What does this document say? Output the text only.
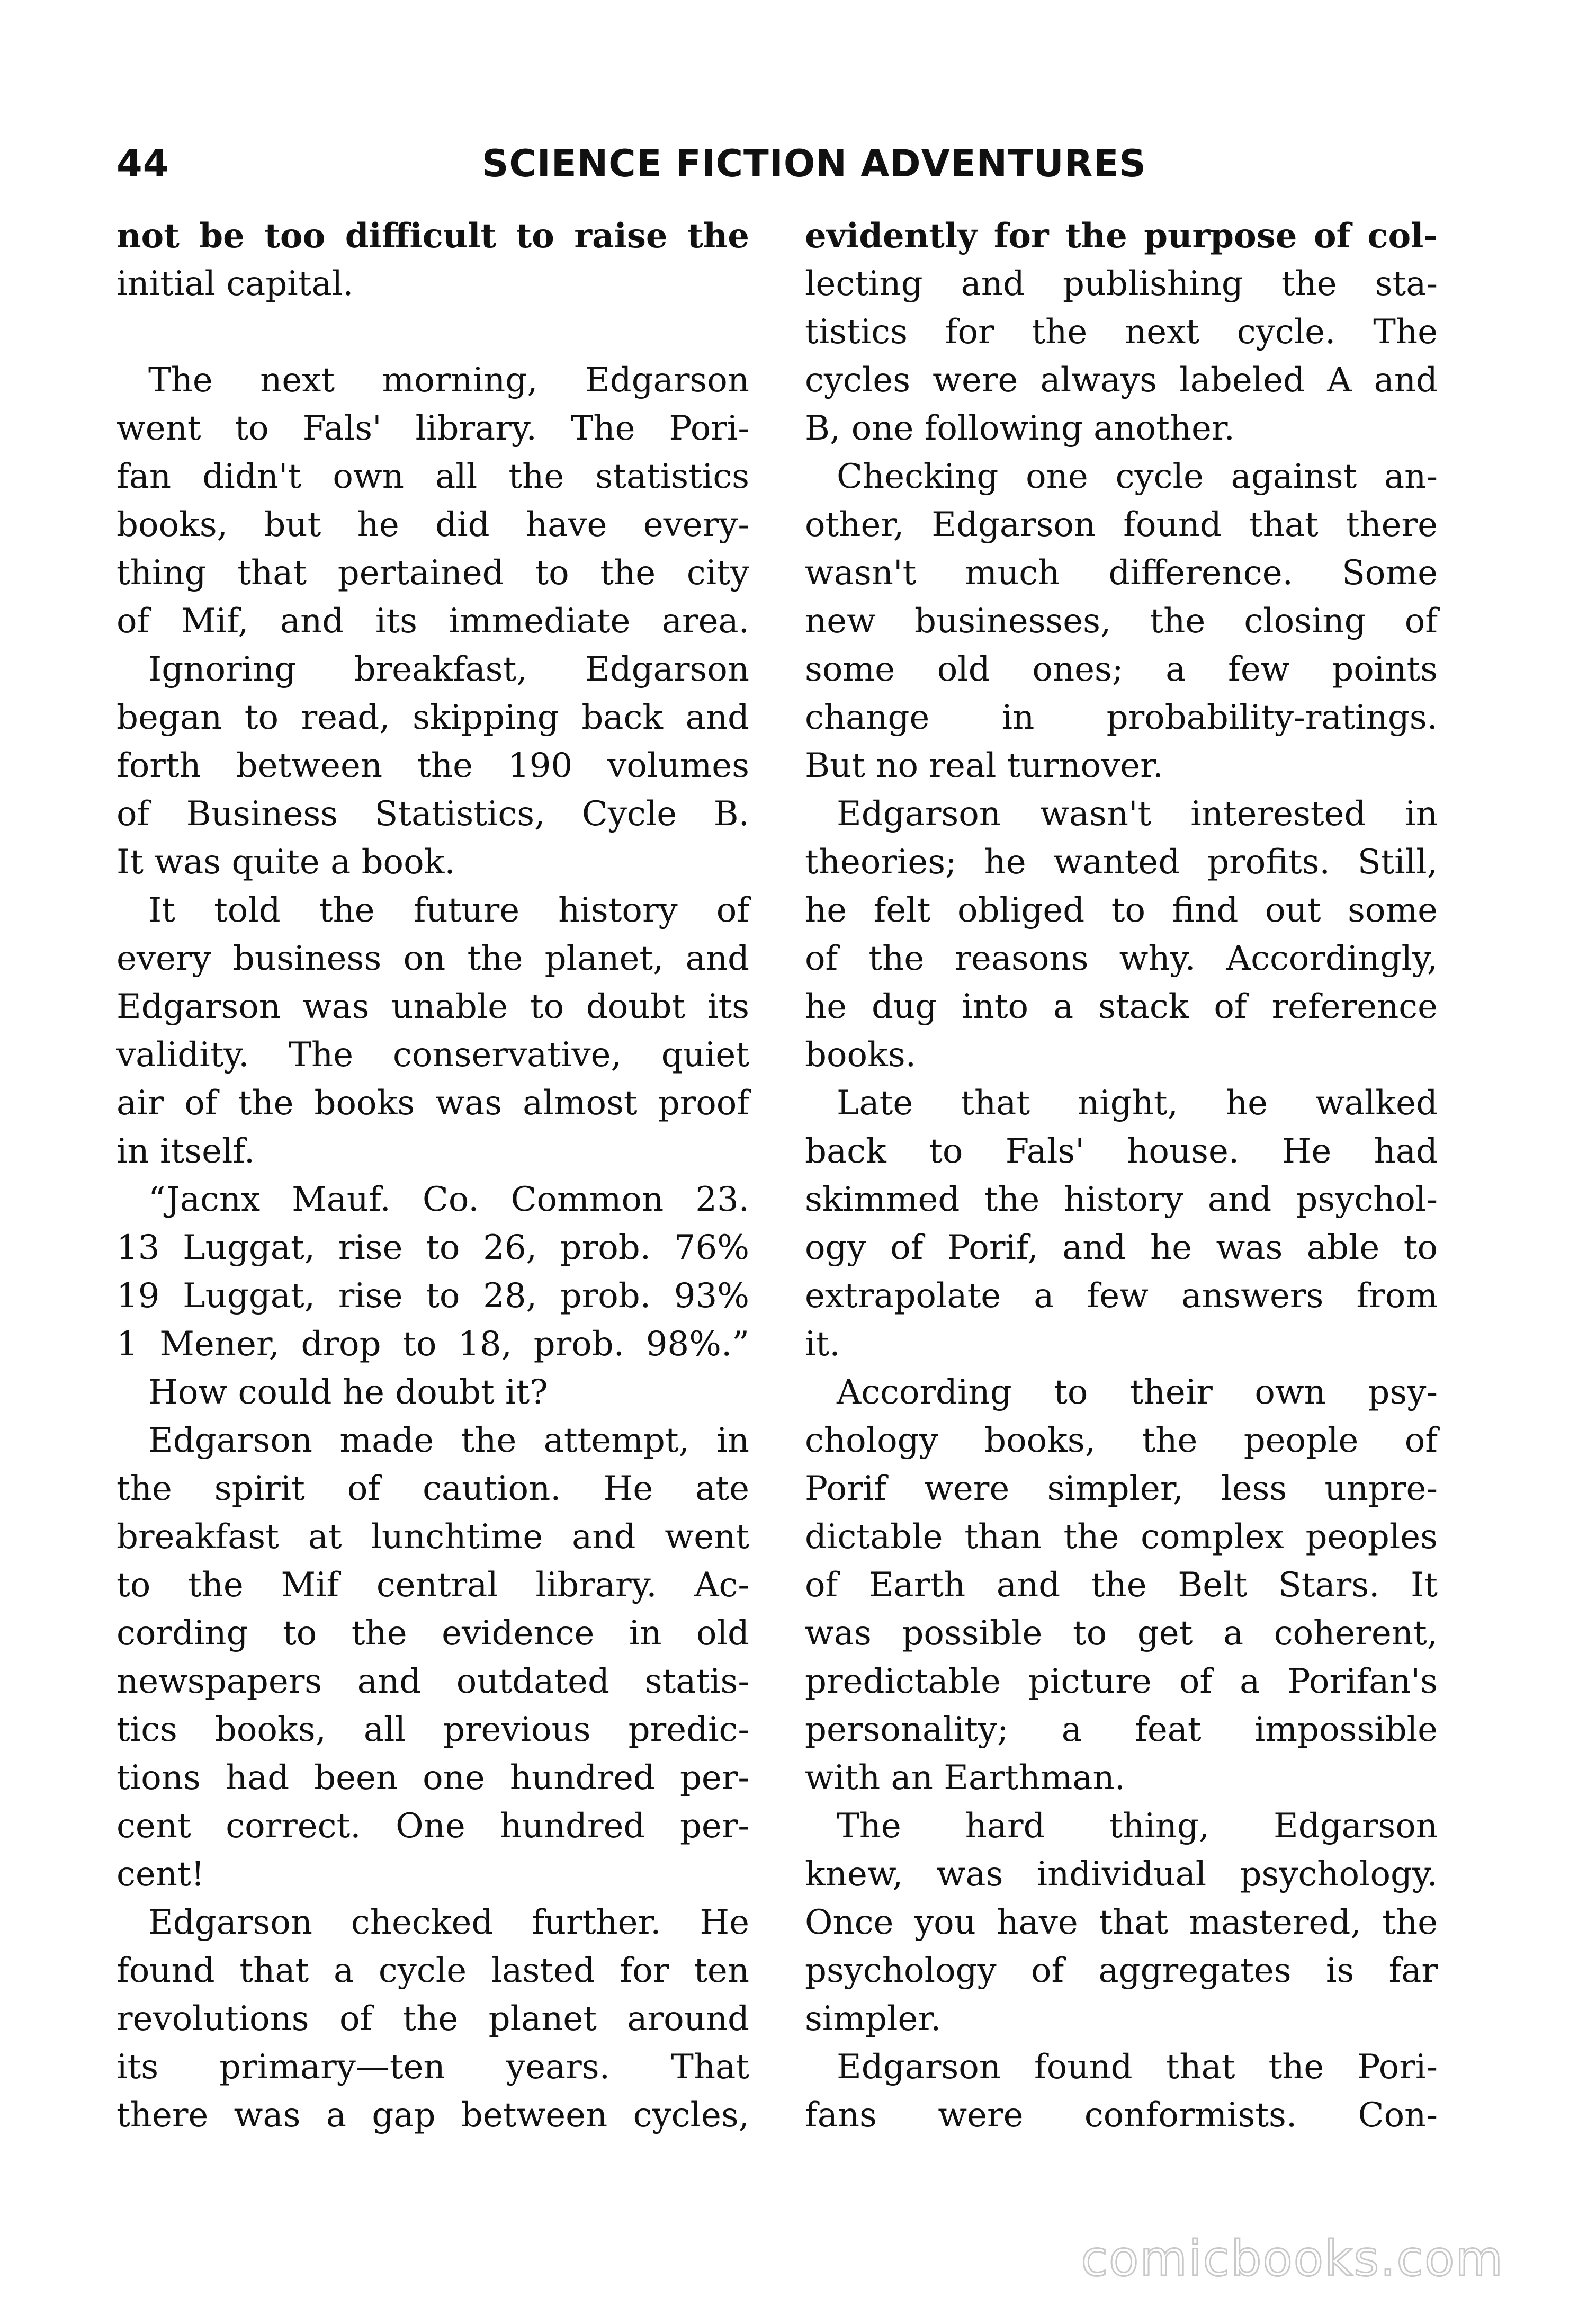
44	SCIENCE FICTION ADVENTURES
not be too difficult to raise the
initial capital.
The next morning, Edgarson
went to Fals' library. The Pori-
fan didn't own all the statistics
books, but he did have every-
thing that pertained to the city
of Mif, and its immediate area.
Ignoring breakfast, Edgarson
began to read, skipping back and
forth between the 190 volumes
of Business Statistics, Cycle B.
It was quite a book.
It told the future history of
every business on the planet, and
Edgarson was unable to doubt its
validity. The conservative, quiet
air of the books was almost proof
in itself.
“Jacnx Mauf. Co. Common 23.
13 Luggat, rise to 26, prob. 76%
19 Luggat, rise to 28, prob. 93%
1 Mener, drop to 18, prob. 98%.”
How could he doubt it?
Edgarson made the attempt, in
the spirit of caution. He ate
breakfast at lunchtime and went
to the Mif central library. Ac-
cording to the evidence in old
newspapers and outdated statis-
tics books, all previous predic-
tions had been one hundred per-
cent correct. One hundred per-
cent!
Edgarson checked further. He
found that a cycle lasted for ten
revolutions of the planet around
its primary—ten years. That
there was a gap between cycles,
evidently for the purpose of col-
lecting and publishing the sta-
tistics for the next cycle. The
cycles were always labeled A and
B, one following another.
Checking one cycle against an-
other, Edgarson found that there
wasn't much difference. Some
new businesses, the closing of
some old ones; a few points
change in probability-ratings.
But no real turnover.
Edgarson wasn't interested in
theories; he wanted profits. Still,
he felt obliged to find out some
of the reasons why. Accordingly,
he dug into a stack of reference
books.
Late that night, he walked
back to Fals' house. He had
skimmed the history and psychol-
ogy of Porif, and he was able to
extrapolate a few answers from
it.
According to their own psy-
chology books, the people of
Porif were simpler, less unpre-
dictable than the complex peoples
of Earth and the Belt Stars. It
was possible to get a coherent,
predictable picture of a Porifan's
personality; a feat impossible
with an Earthman.
The hard thing, Edgarson
knew, was individual psychology.
Once you have that mastered, the
psychology of aggregates is far
simpler.
Edgarson found that the Pori-
fans were conformists. Con-
comicbooks.com
